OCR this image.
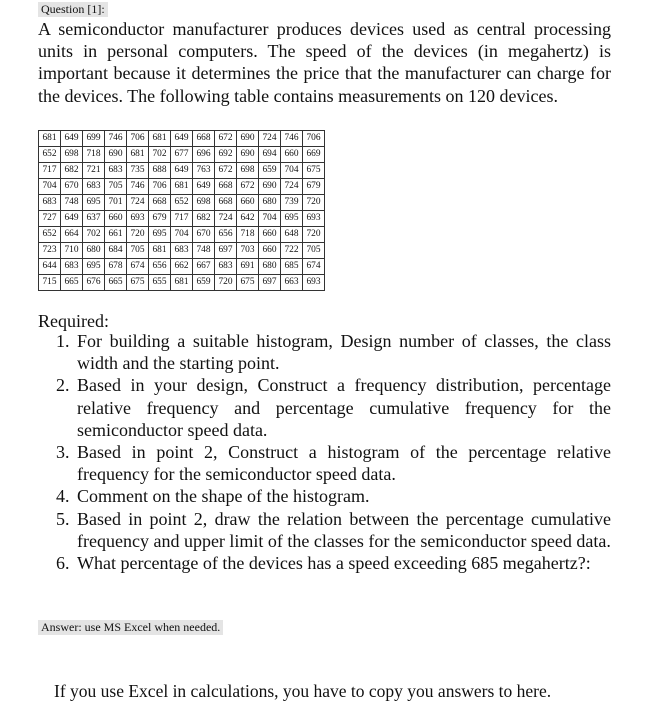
Question [1]:

A semiconductor manufacturer produces devices used as central processing units in personal computers. The speed of the devices (in megahertz) is important because it determines the price that the manufacturer can charge for the devices. The following table contains measurements on 120 devices.

681	649	699	746	706	681	649	668	672	690	724	746	706
652	698	718	690	681	702	677	696	692	690	694	660	669
717	682	721	683	735	688	649	763	672	698	659	704	675
704	670	683	705	746	706	681	649	668	672	690	724	679
683	748	695	701	724	668	652	698	668	660	680	739	720
727	649	637	660	693	679	717	682	724	642	704	695	693
652	664	702	661	720	695	704	670	656	718	660	648	720
723	710	680	684	705	681	683	748	697	703	660	722	705
644	683	695	678	674	656	662	667	683	691	680	685	674
715	665	676	665	675	655	681	659	720	675	697	663	693
Required:
1. For building a suitable histogram, Design number of classes, the class width and the starting point.
2. Based in your design, Construct a frequency distribution, percentage relative frequency and percentage cumulative frequency for the semiconductor speed data.
3. Based in point 2, Construct a histogram of the percentage relative frequency for the semiconductor speed data.
4. Comment on the shape of the histogram.
5. Based in point 2, draw the relation between the percentage cumulative frequency and upper limit of the classes for the semiconductor speed data.
6. What percentage of the devices has a speed exceeding 685 megahertz?:
Answer: use MS Excel when needed.
If you use Excel in calculations, you have to copy you answers to here.
